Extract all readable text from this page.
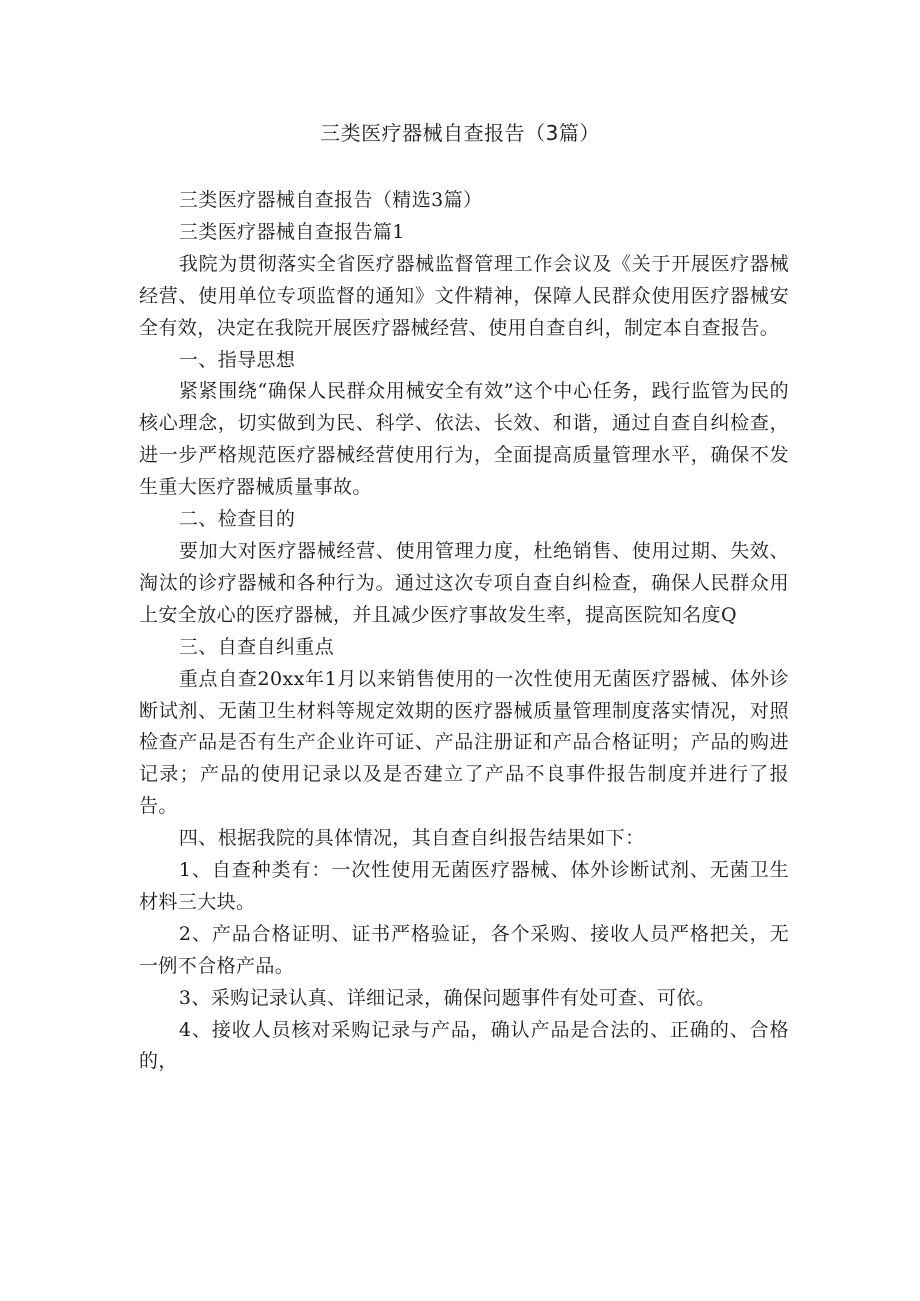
三类医疗器械自查报告（3篇）

三类医疗器械自查报告（精选3篇）

三类医疗器械自查报告篇1

我院为贯彻落实全省医疗器械监督管理工作会议及《关于开展医疗器械经营、使用单位专项监督的通知》文件精神，保障人民群众使用医疗器械安全有效，决定在我院开展医疗器械经营、使用自查自纠，制定本自查报告。

一、指导思想

紧紧围绕“确保人民群众用械安全有效”这个中心任务，践行监管为民的核心理念，切实做到为民、科学、依法、长效、和谐，通过自查自纠检查，进一步严格规范医疗器械经营使用行为，全面提高质量管理水平，确保不发生重大医疗器械质量事故。

二、检查目的

要加大对医疗器械经营、使用管理力度，杜绝销售、使用过期、失效、淘汰的诊疗器械和各种行为。通过这次专项自查自纠检查，确保人民群众用上安全放心的医疗器械，并且减少医疗事故发生率，提高医院知名度Q

三、自查自纠重点

重点自查20xx年1月以来销售使用的一次性使用无菌医疗器械、体外诊断试剂、无菌卫生材料等规定效期的医疗器械质量管理制度落实情况，对照检查产品是否有生产企业许可证、产品注册证和产品合格证明；产品的购进记录；产品的使用记录以及是否建立了产品不良事件报告制度并进行了报告。

四、根据我院的具体情况，其自查自纠报告结果如下：

1、自查种类有：一次性使用无菌医疗器械、体外诊断试剂、无菌卫生材料三大块。

2、产品合格证明、证书严格验证，各个采购、接收人员严格把关，无一例不合格产品。

3、采购记录认真、详细记录，确保问题事件有处可查、可依。

4、接收人员核对采购记录与产品，确认产品是合法的、正确的、合格的，
